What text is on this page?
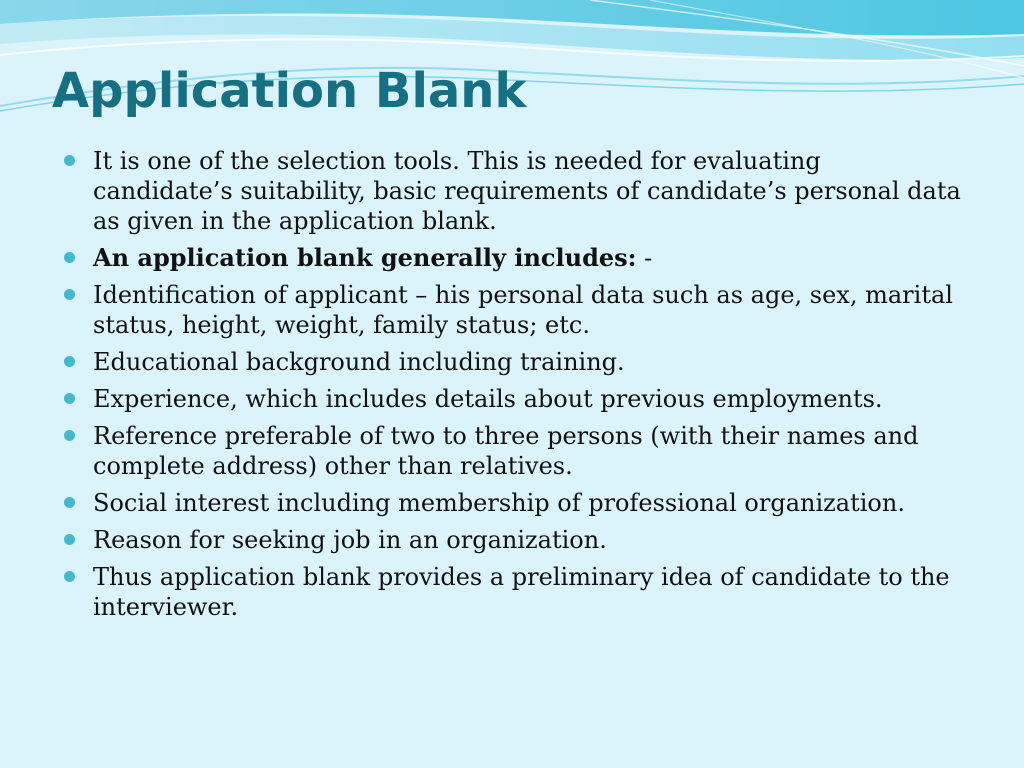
Application Blank
It is one of the selection tools. This is needed for evaluating candidate’s suitability, basic requirements of candidate’s personal data as given in the application blank.
An application blank generally includes: -
Identification of applicant – his personal data such as age, sex, marital status, height, weight, family status; etc.
Educational background including training.
Experience, which includes details about previous employments.
Reference preferable of two to three persons (with their names and complete address) other than relatives.
Social interest including membership of professional organization.
Reason for seeking job in an organization.
Thus application blank provides a preliminary idea of candidate to the interviewer.
